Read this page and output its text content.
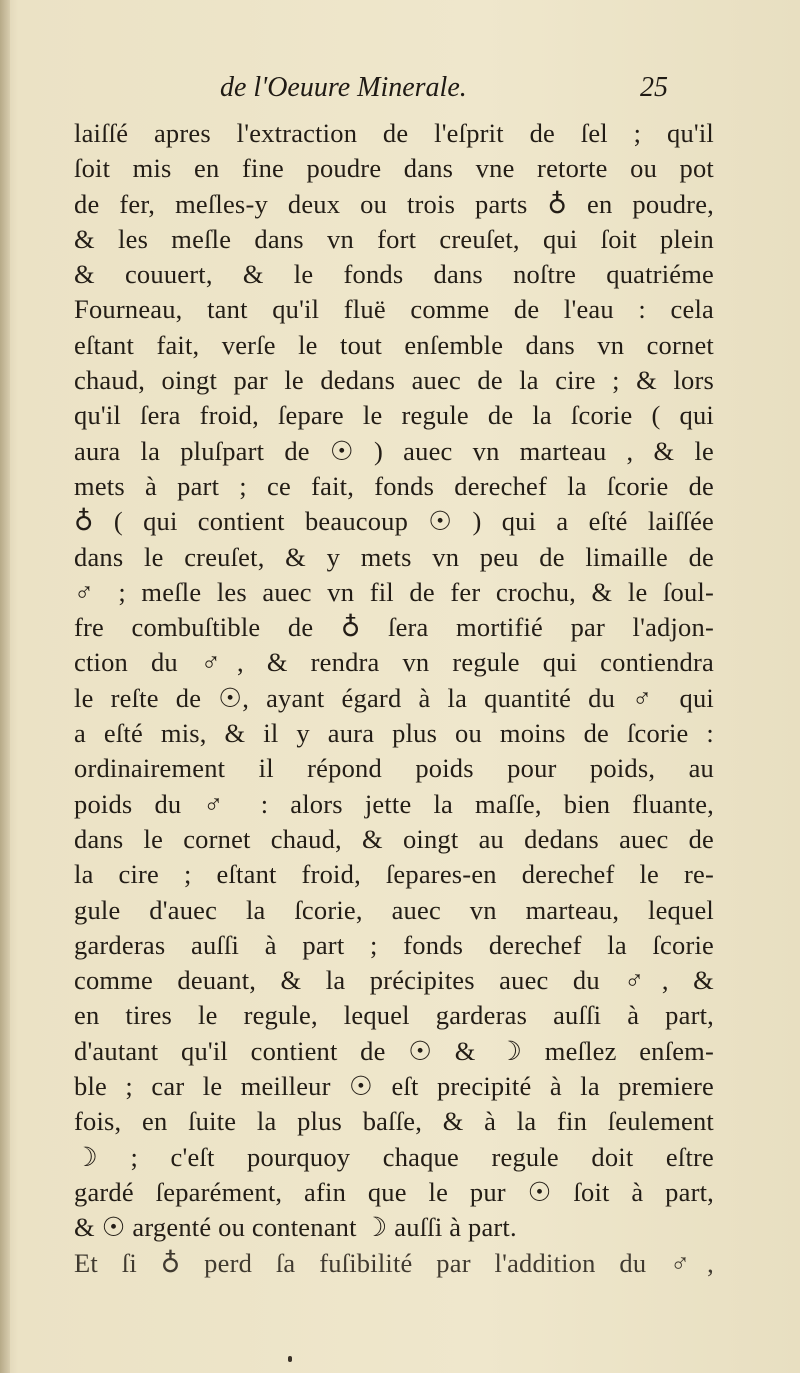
de l'Oeuure Minerale.	25
laiſſé apres l'extraction de l'eſprit de ſel ; qu'il
ſoit mis en fine poudre dans vne retorte ou pot
de fer, meſles-y deux ou trois parts ♁ en poudre,
& les meſle dans vn fort creuſet, qui ſoit plein
& couuert, & le fonds dans noſtre quatriéme
Fourneau, tant qu'il fluë comme de l'eau : cela
eſtant fait, verſe le tout enſemble dans vn cornet
chaud, oingt par le dedans auec de la cire ; & lors
qu'il ſera froid, ſepare le regule de la ſcorie ( qui
aura la pluſpart de ☉ ) auec vn marteau , & le
mets à part ; ce fait, fonds derechef la ſcorie de
♁ ( qui contient beaucoup ☉ ) qui a eſté laiſſée
dans le creuſet, & y mets vn peu de limaille de
♂ ; meſle les auec vn fil de fer crochu, & le ſoul-
fre combuſtible de ♁ ſera mortifié par l'adjon-
ction du ♂, & rendra vn regule qui contiendra
le reſte de ☉, ayant égard à la quantité du ♂ qui
a eſté mis, & il y aura plus ou moins de ſcorie :
ordinairement il répond poids pour poids, au
poids du ♂ : alors jette la maſſe, bien fluante,
dans le cornet chaud, & oingt au dedans auec de
la cire ; eſtant froid, ſepares-en derechef le re-
gule d'auec la ſcorie, auec vn marteau, lequel
garderas auſſi à part ; fonds derechef la ſcorie
comme deuant, & la précipites auec du ♂, &
en tires le regule, lequel garderas auſſi à part,
d'autant qu'il contient de ☉ & ☽ meſlez enſem-
ble ; car le meilleur ☉ eſt precipité à la premiere
fois, en ſuite la plus baſſe, & à la fin ſeulement
☽ ; c'eſt pourquoy chaque regule doit eſtre
gardé ſeparément, afin que le pur ☉ ſoit à part,
& ☉ argenté ou contenant ☽ auſſi à part.
Et ſi ♁ perd ſa fuſibilité par l'addition du ♂,
